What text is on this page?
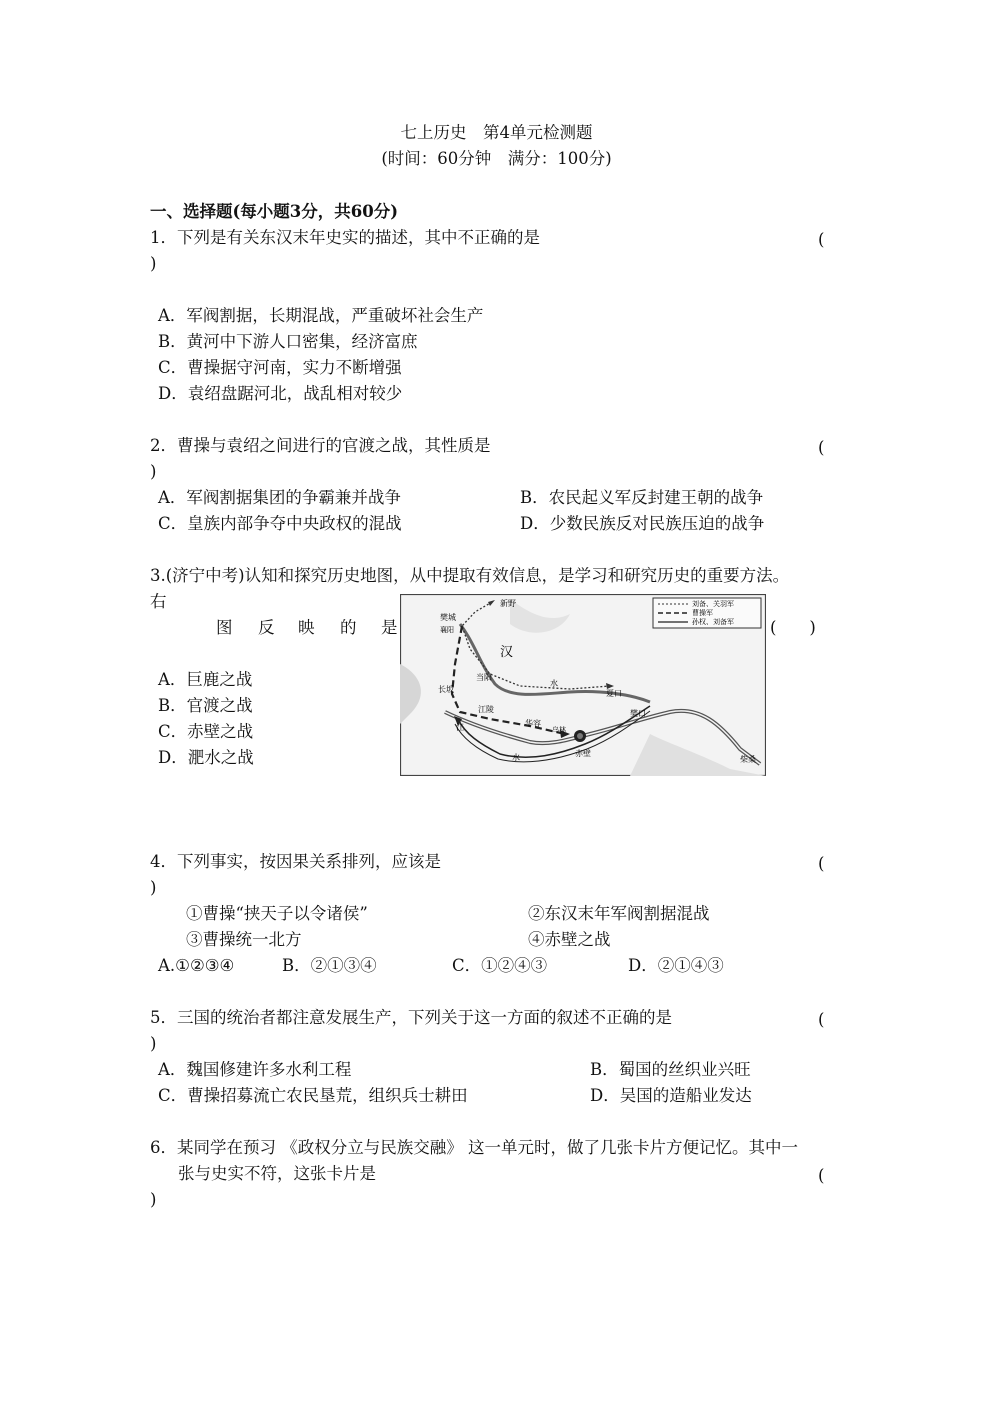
七上历史　第4单元检测题
(时间：60分钟　满分：100分)
一、选择题(每小题3分，共60分)
1．下列是有关东汉末年史实的描述，其中不正确的是	(
)
A．军阀割据，长期混战，严重破坏社会生产
B．黄河中下游人口密集，经济富庶
C．曹操据守河南，实力不断增强
D．袁绍盘踞河北，战乱相对较少
2．曹操与袁绍之间进行的官渡之战，其性质是	(
)
A．军阀割据集团的争霸兼并战争	B．农民起义军反封建王朝的战争
C．皇族内部争夺中央政权的混战	D．少数民族反对民族压迫的战争
3.(济宁中考)认知和探究历史地图，从中提取有效信息，是学习和研究历史的重要方法。
右
图 反 映 的 是	(　　)
A．巨鹿之战
B．官渡之战
C．赤壁之战
D．淝水之战
刘备、关羽军
曹操军
孙权、刘备军
新野
樊城
襄阳
汉
当阳
长坂
水
夏口
樊口
江陵
华容
乌林
赤壁
江
水	柴桑
4．下列事实，按因果关系排列，应该是	(
)
①曹操“挟天子以令诸侯”	②东汉末年军阀割据混战
③曹操统一北方	④赤壁之战
A.①②③④	B．②①③④	C．①②④③	D．②①④③
5．三国的统治者都注意发展生产，下列关于这一方面的叙述不正确的是	(
)
A．魏国修建许多水利工程	B．蜀国的丝织业兴旺
C．曹操招募流亡农民垦荒，组织兵士耕田	D．吴国的造船业发达
6．某同学在预习 《政权分立与民族交融》 这一单元时，做了几张卡片方便记忆。其中一
张与史实不符，这张卡片是	(
)
